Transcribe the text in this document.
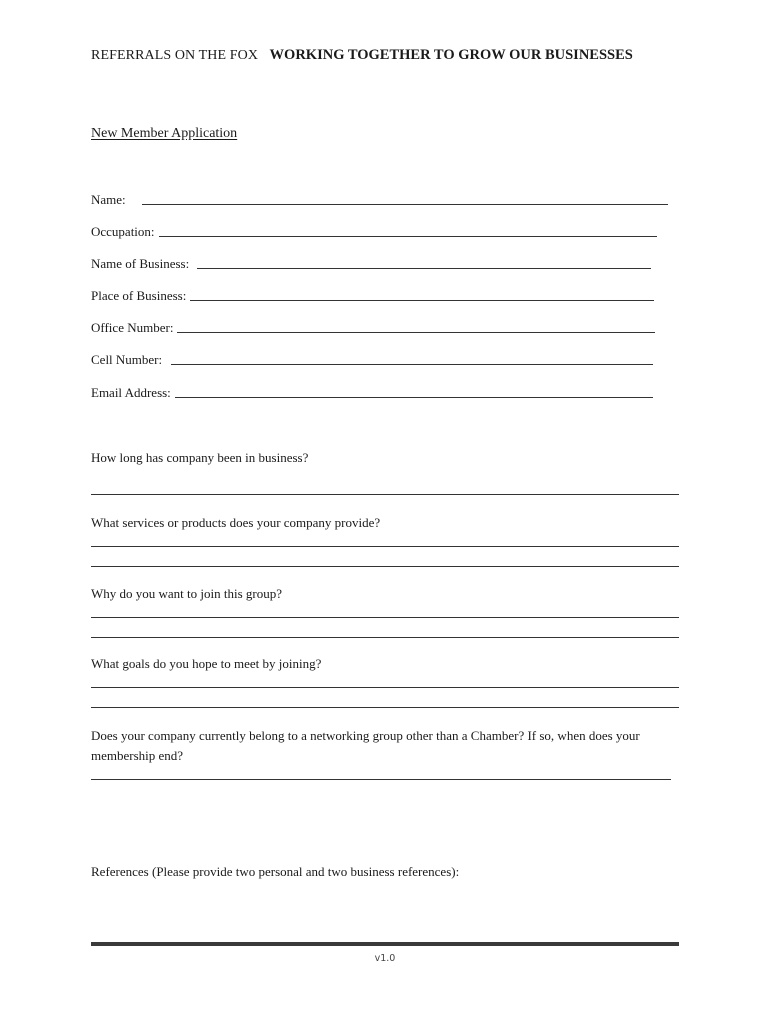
REFERRALS ON THE FOX WORKING TOGETHER TO GROW OUR BUSINESSES
New Member Application
Name:
Occupation:
Name of Business:
Place of Business:
Office Number:
Cell Number:
Email Address:
How long has company been in business?
What services or products does your company provide?
Why do you want to join this group?
What goals do you hope to meet by joining?
Does your company currently belong to a networking group other than a Chamber? If so, when does your membership end?
References (Please provide two personal and two business references):
v1.0
